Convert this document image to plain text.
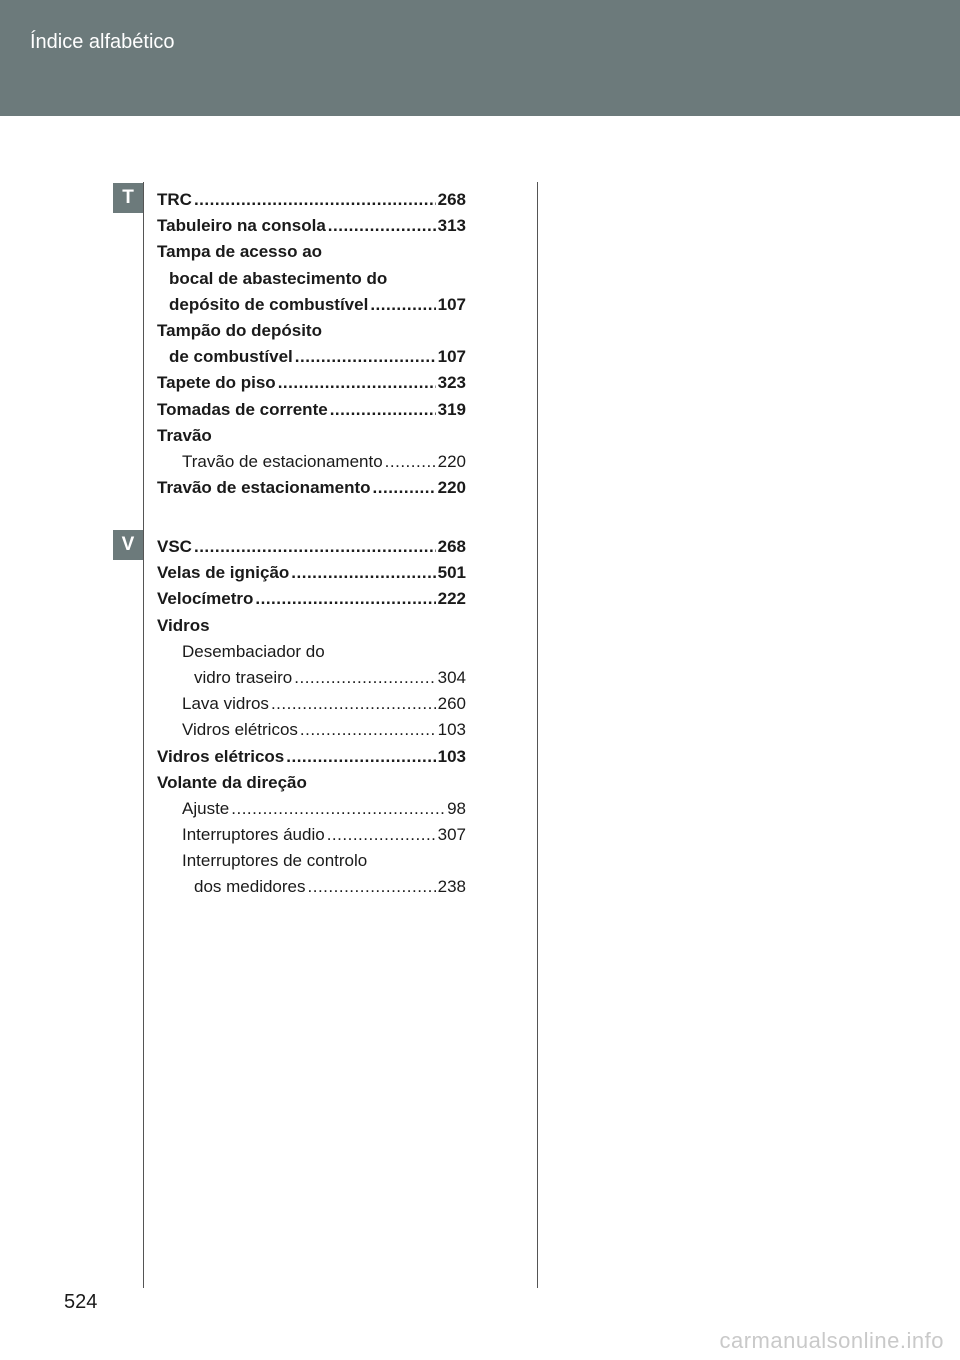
Índice alfabético
T	TRC .....	268
Tabuleiro na consola .....	313
Tampa de acesso ao
bocal de abastecimento do
depósito de combustível .....	107
Tampão do depósito
de combustível .....	107
Tapete do piso .....	323
Tomadas de corrente .....	319
Travão
Travão de estacionamento .....	220
Travão de estacionamento .....	220
V	VSC .....	268
Velas de ignição .....	501
Velocímetro .....	222
Vidros
Desembaciador do
vidro traseiro .....	304
Lava vidros .....	260
Vidros elétricos .....	103
Vidros elétricos .....	103
Volante da direção
Ajuste .....	98
Interruptores áudio .....	307
Interruptores de controlo
dos medidores .....	238
524
carmanualsonline.info
